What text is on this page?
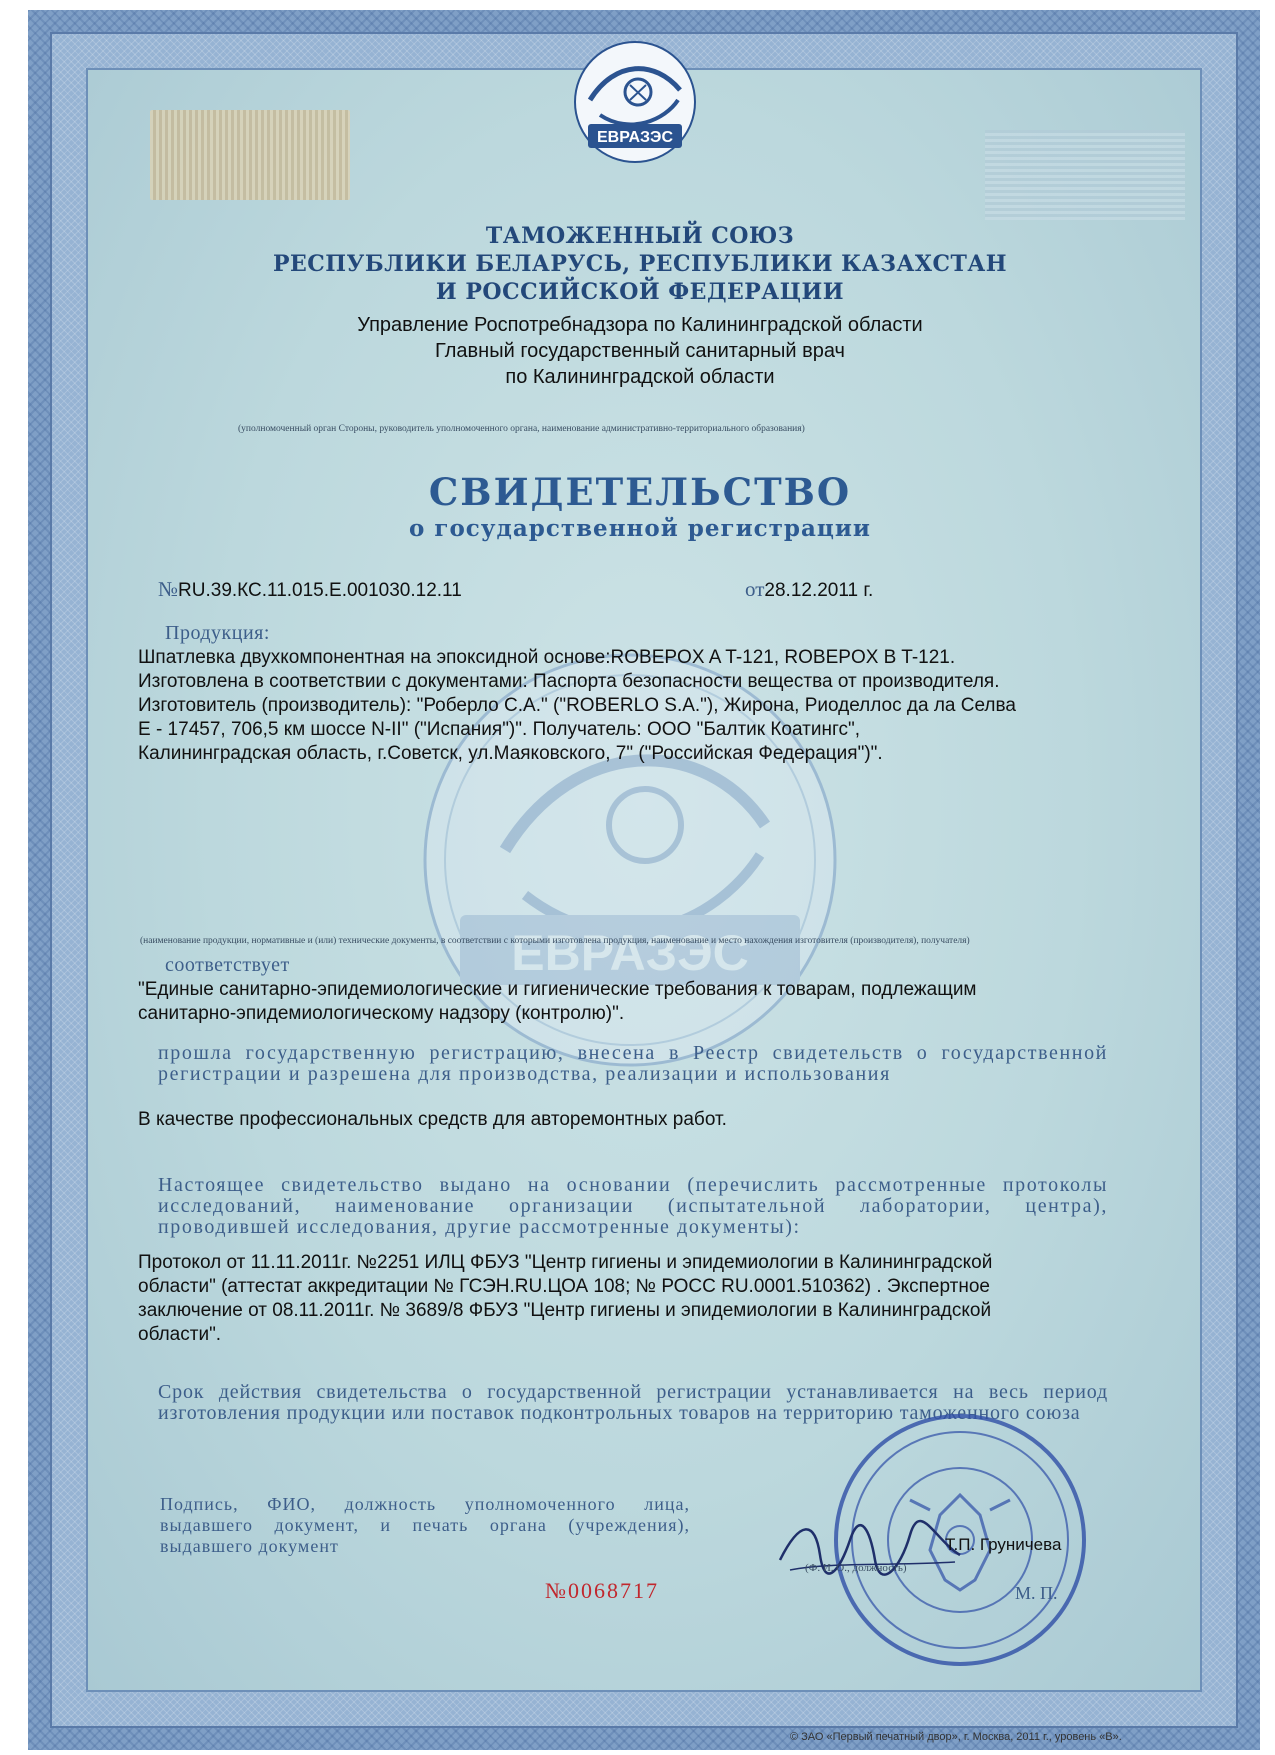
ЕВРАЗЭС
ЕВРАЗЭС
ТАМОЖЕННЫЙ СОЮЗ
РЕСПУБЛИКИ БЕЛАРУСЬ, РЕСПУБЛИКИ КАЗАХСТАН
И РОССИЙСКОЙ ФЕДЕРАЦИИ
Управление Роспотребнадзора по Калининградской области
Главный государственный санитарный врач
по Калининградской области
(уполномоченный орган Стороны, руководитель уполномоченного органа, наименование административно-территориального образования)
СВИДЕТЕЛЬСТВО
о государственной регистрации
№RU.39.КС.11.015.Е.001030.12.11	от28.12.2011 г.
Продукция:
Шпатлевка двухкомпонентная на эпоксидной основе:ROBEPOX A T-121, ROBEPOX B T-121.
Изготовлена в соответствии с документами: Паспорта безопасности вещества от производителя.
Изготовитель (производитель): "Роберло С.А." ("ROBERLO S.A."), Жирона, Риоделлос да ла Селва
Е - 17457, 706,5 км шоссе N-II" ("Испания")". Получатель: ООО "Балтик Коатингс",
Калининградская область, г.Советск, ул.Маяковского, 7" ("Российская Федерация")".
(наименование продукции, нормативные и (или) технические документы, в соответствии с которыми изготовлена продукция, наименование и место нахождения изготовителя (производителя), получателя)
соответствует
"Единые санитарно-эпидемиологические и гигиенические требования к товарам, подлежащим
санитарно-эпидемиологическому надзору (контролю)".
прошла государственную регистрацию, внесена в Реестр свидетельств о государственной регистрации и разрешена для производства, реализации и использования
В качестве профессиональных средств для авторемонтных работ.
Настоящее свидетельство выдано на основании (перечислить рассмотренные протоколы исследований, наименование организации (испытательной лаборатории, центра), проводившей исследования, другие рассмотренные документы):
Протокол от 11.11.2011г. №2251 ИЛЦ ФБУЗ "Центр гигиены и эпидемиологии в Калининградской
области" (аттестат аккредитации № ГСЭН.RU.ЦОА 108; № РОСС RU.0001.510362) . Экспертное
заключение от 08.11.2011г. № 3689/8 ФБУЗ "Центр гигиены и эпидемиологии в Калининградской
области".
Срок действия свидетельства о государственной регистрации устанавливается на весь период изготовления продукции или поставок подконтрольных товаров на территорию таможенного союза
Подпись, ФИО, должность уполномоченного лица, выдавшего документ, и печать органа (учреждения), выдавшего документ	Т.П. Груничева
(Ф. И. О., должность)
М. П.
№0068717
© ЗАО «Первый печатный двор», г. Москва, 2011 г., уровень «В».
